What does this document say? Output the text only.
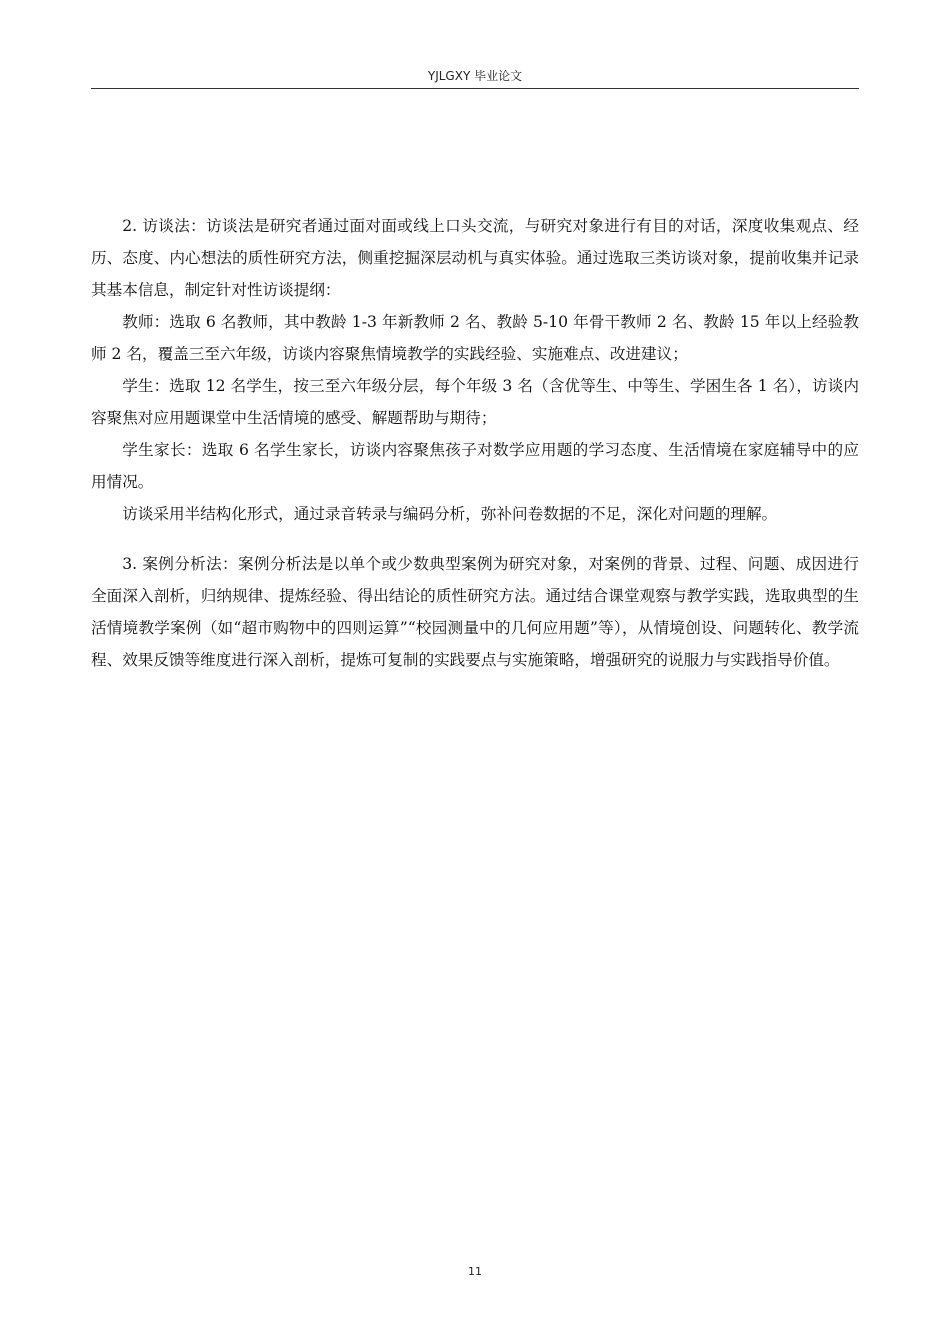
YJLGXY 毕业论文

2. 访谈法：访谈法是研究者通过面对面或线上口头交流，与研究对象进行有目的对话，深度收集观点、经历、态度、内心想法的质性研究方法，侧重挖掘深层动机与真实体验。通过选取三类访谈对象，提前收集并记录其基本信息，制定针对性访谈提纲：

教师：选取 6 名教师，其中教龄 1-3 年新教师 2 名、教龄 5-10 年骨干教师 2 名、教龄 15 年以上经验教师 2 名，覆盖三至六年级，访谈内容聚焦情境教学的实践经验、实施难点、改进建议；

学生：选取 12 名学生，按三至六年级分层，每个年级 3 名（含优等生、中等生、学困生各 1 名），访谈内容聚焦对应用题课堂中生活情境的感受、解题帮助与期待；

学生家长：选取 6 名学生家长，访谈内容聚焦孩子对数学应用题的学习态度、生活情境在家庭辅导中的应用情况。

访谈采用半结构化形式，通过录音转录与编码分析，弥补问卷数据的不足，深化对问题的理解。

3. 案例分析法：案例分析法是以单个或少数典型案例为研究对象，对案例的背景、过程、问题、成因进行全面深入剖析，归纳规律、提炼经验、得出结论的质性研究方法。通过结合课堂观察与教学实践，选取典型的生活情境教学案例（如“超市购物中的四则运算”“校园测量中的几何应用题”等），从情境创设、问题转化、教学流程、效果反馈等维度进行深入剖析，提炼可复制的实践要点与实施策略，增强研究的说服力与实践指导价值。

11
